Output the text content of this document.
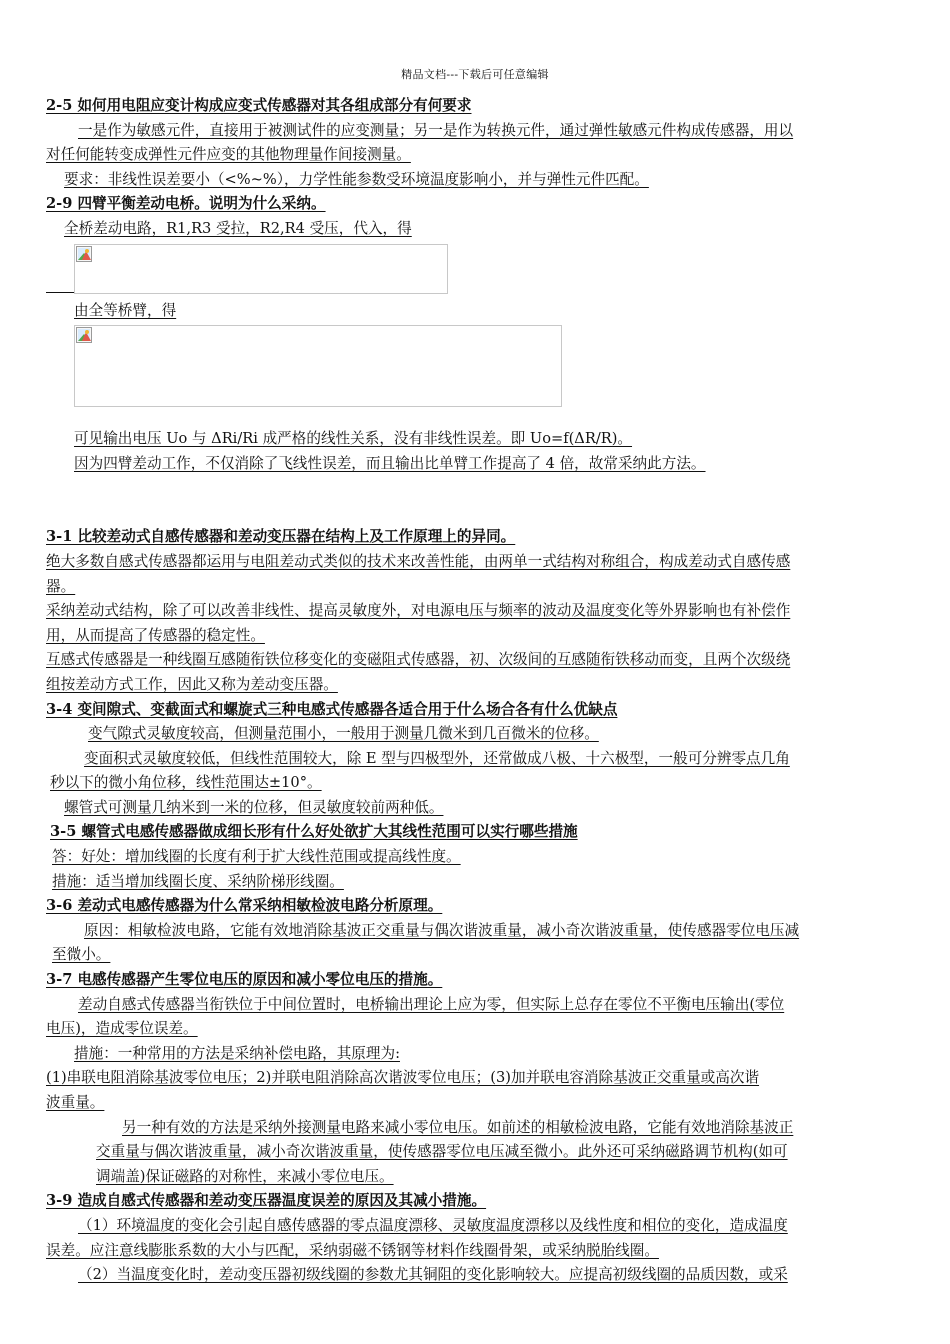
精品文档---下载后可任意编辑

2-5 如何用电阻应变计构成应变式传感器对其各组成部分有何要求

一是作为敏感元件，直接用于被测试件的应变测量；另一是作为转换元件，通过弹性敏感元件构成传感器，用以

对任何能转变成弹性元件应变的其他物理量作间接测量。

要求：非线性误差要小（<%~%），力学性能参数受环境温度影响小，并与弹性元件匹配。

2-9 四臂平衡差动电桥。说明为什么采纳。

全桥差动电路，R1,R3 受拉，R2,R4 受压，代入，得

由全等桥臂，得

可见输出电压 Uo 与 ΔRi/Ri 成严格的线性关系，没有非线性误差。即 Uo=f(ΔR/R)。

因为四臂差动工作，不仅消除了飞线性误差，而且输出比单臂工作提高了 4 倍，故常采纳此方法。

3-1 比较差动式自感传感器和差动变压器在结构上及工作原理上的异同。

绝大多数自感式传感器都运用与电阻差动式类似的技术来改善性能，由两单一式结构对称组合，构成差动式自感传感

器。

采纳差动式结构，除了可以改善非线性、提高灵敏度外，对电源电压与频率的波动及温度变化等外界影响也有补偿作

用，从而提高了传感器的稳定性。

互感式传感器是一种线圈互感随衔铁位移变化的变磁阻式传感器，初、次级间的互感随衔铁移动而变，且两个次级绕

组按差动方式工作，因此又称为差动变压器。

3-4 变间隙式、变截面式和螺旋式三种电感式传感器各适合用于什么场合各有什么优缺点

变气隙式灵敏度较高，但测量范围小，一般用于测量几微米到几百微米的位移。

变面积式灵敏度较低，但线性范围较大，除 E 型与四极型外，还常做成八极、十六极型，一般可分辨零点几角

秒以下的微小角位移，线性范围达±10°。

螺管式可测量几纳米到一米的位移，但灵敏度较前两种低。

3-5 螺管式电感传感器做成细长形有什么好处欲扩大其线性范围可以实行哪些措施

答：好处：增加线圈的长度有利于扩大线性范围或提高线性度。

措施：适当增加线圈长度、采纳阶梯形线圈。

3-6 差动式电感传感器为什么常采纳相敏检波电路分析原理。

原因：相敏检波电路，它能有效地消除基波正交重量与偶次谐波重量，减小奇次谐波重量，使传感器零位电压减

至微小。

3-7 电感传感器产生零位电压的原因和减小零位电压的措施。

差动自感式传感器当衔铁位于中间位置时，电桥输出理论上应为零，但实际上总存在零位不平衡电压输出(零位

电压)，造成零位误差。

措施：一种常用的方法是采纳补偿电路，其原理为:

(1)串联电阻消除基波零位电压；2)并联电阻消除高次谐波零位电压；(3)加并联电容消除基波正交重量或高次谐

波重量。

另一种有效的方法是采纳外接测量电路来减小零位电压。如前述的相敏检波电路，它能有效地消除基波正

交重量与偶次谐波重量，减小奇次谐波重量，使传感器零位电压减至微小。此外还可采纳磁路调节机构(如可

调端盖)保证磁路的对称性，来减小零位电压。

3-9 造成自感式传感器和差动变压器温度误差的原因及其减小措施。

（1）环境温度的变化会引起自感传感器的零点温度漂移、灵敏度温度漂移以及线性度和相位的变化，造成温度

误差。应注意线膨胀系数的大小与匹配，采纳弱磁不锈钢等材料作线圈骨架，或采纳脱胎线圈。

（2）当温度变化时，差动变压器初级线圈的参数尤其铜阻的变化影响较大。应提高初级线圈的品质因数，或采
